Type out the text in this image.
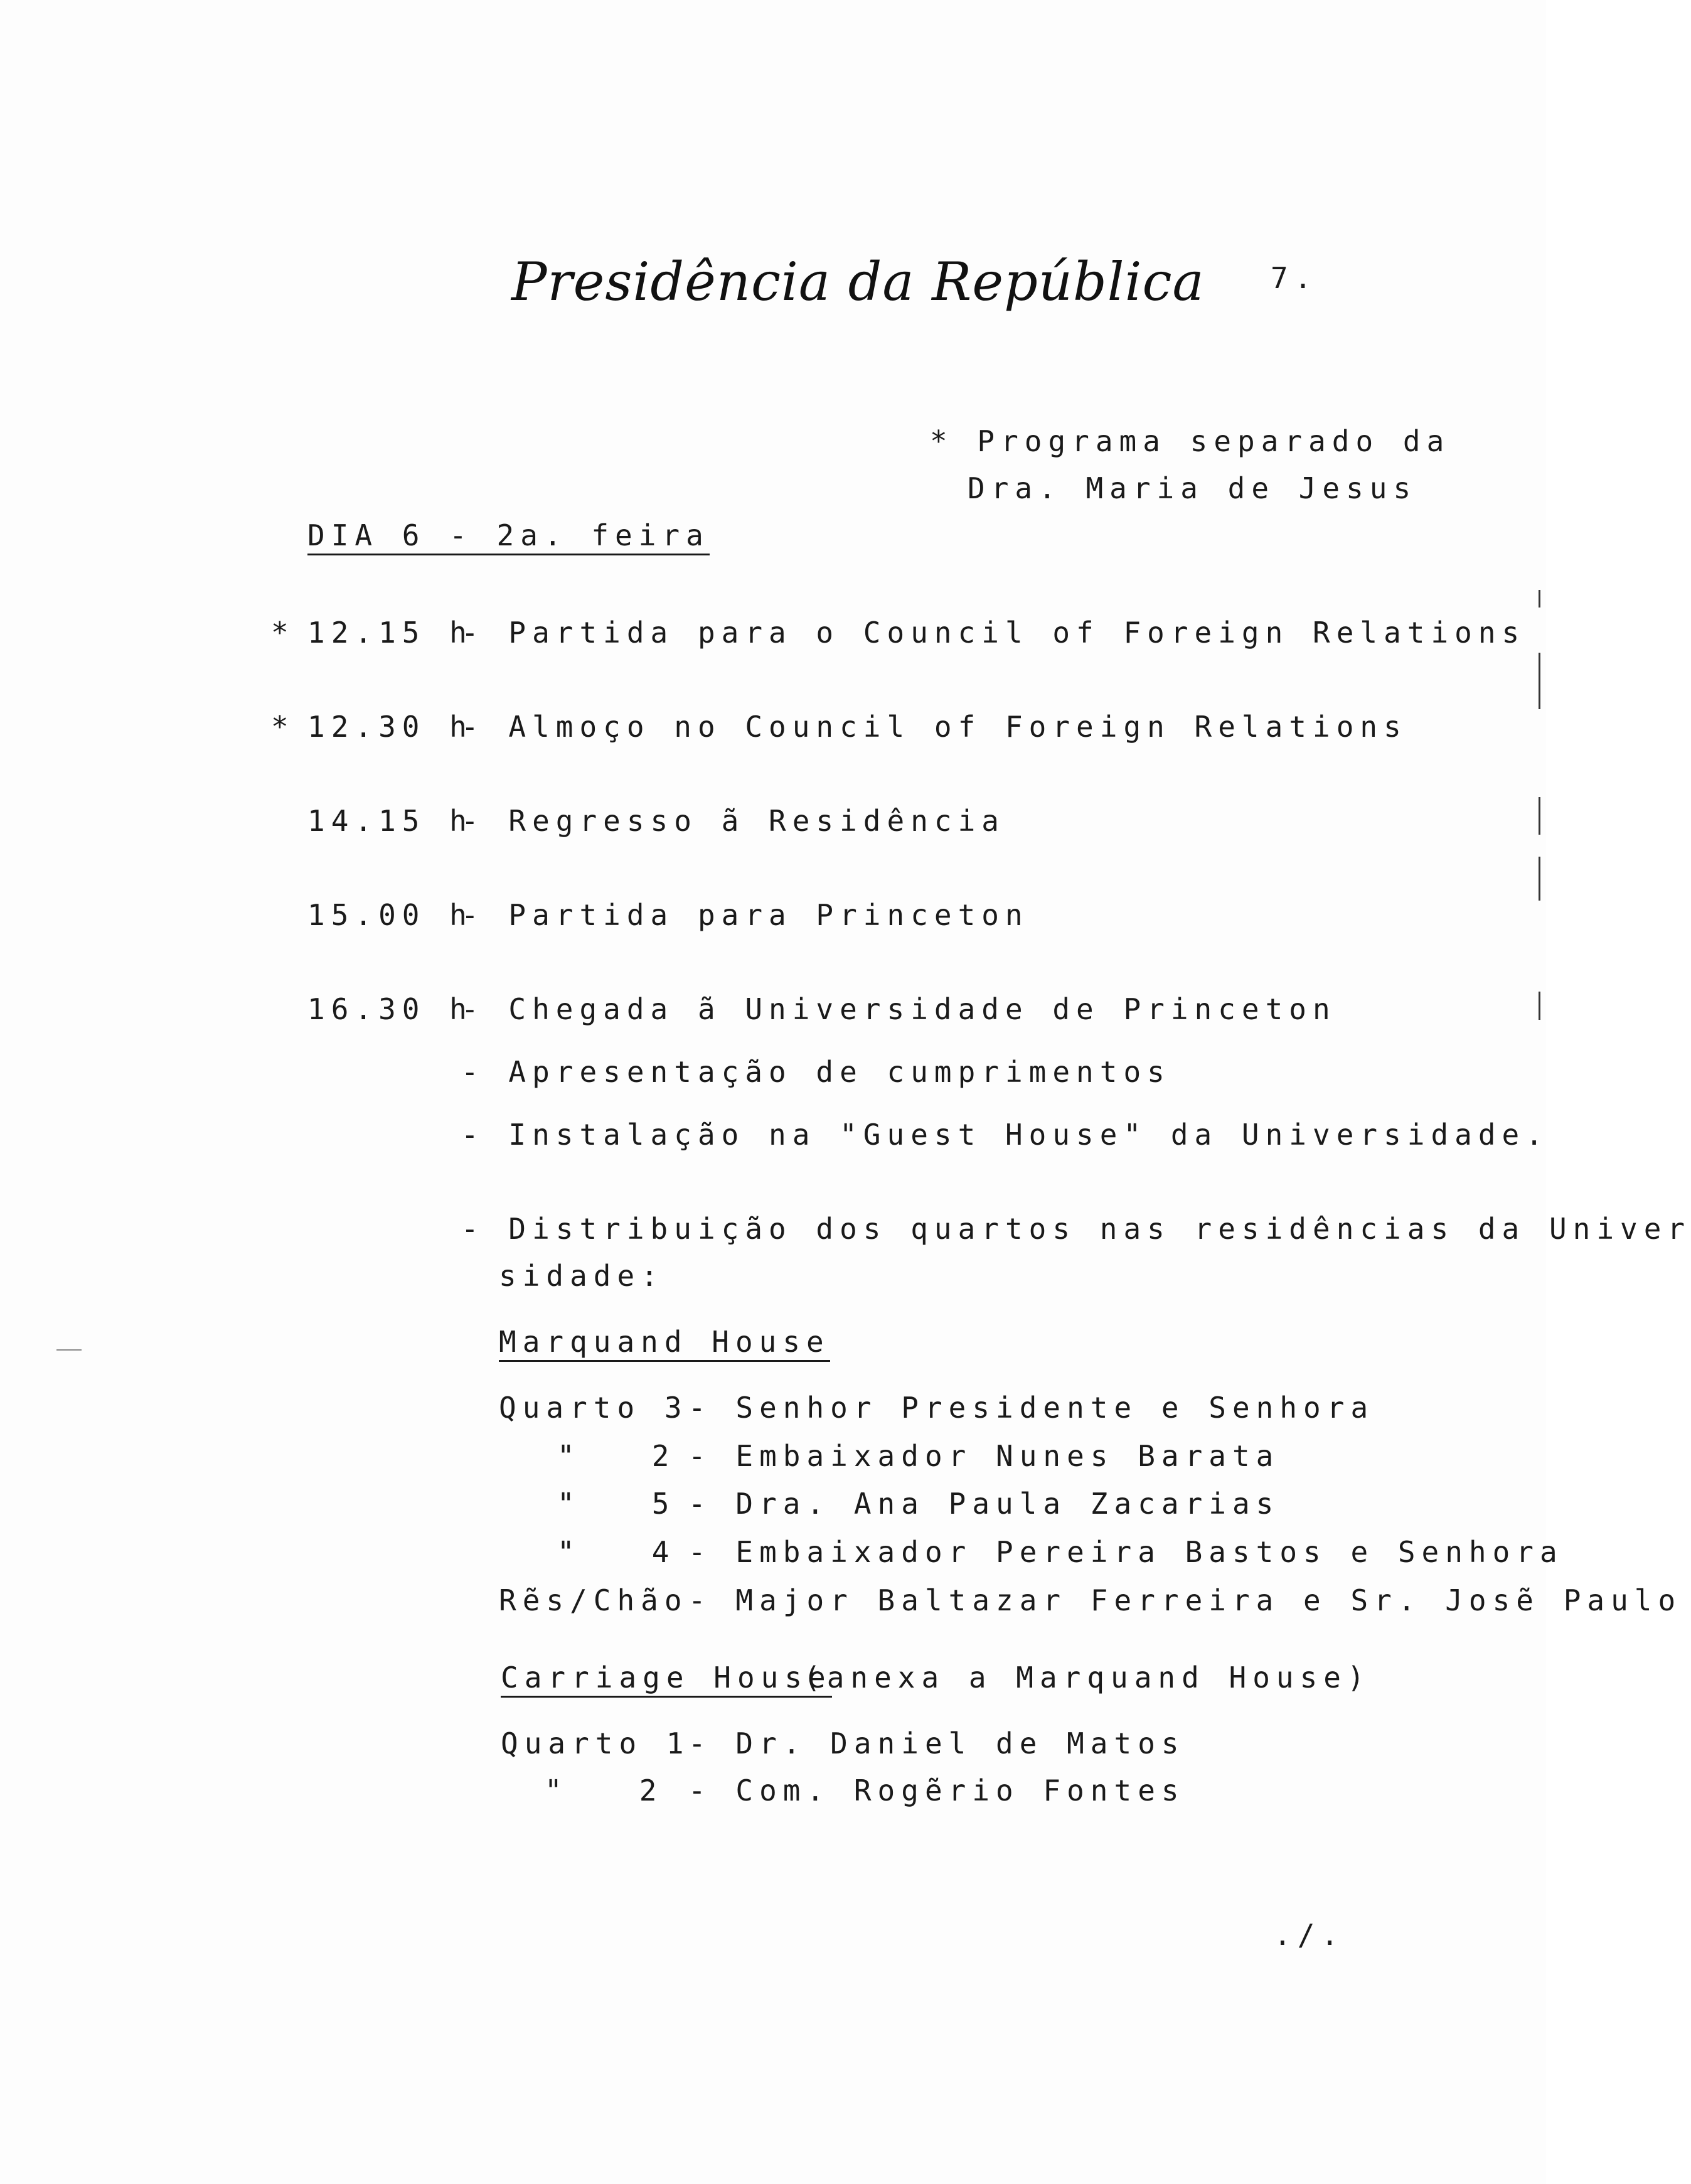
Presidência da República 7.
* Programa separado da
Dra. Maria de Jesus
DIA 6 - 2a. feira
* 12.15 h
- Partida para o Council of Foreign Relations
* 12.30 h
- Almoço no Council of Foreign Relations
14.15 h
- Regresso ã Residência
15.00 h
- Partida para Princeton
16.30 h
- Chegada ã Universidade de Princeton
- Apresentação de cumprimentos
- Instalação na "Guest House" da Universidade.
- Distribuição dos quartos nas residências da Univer
sidade:
Marquand House
Quarto 3 - Senhor Presidente e Senhora
"   2 - Embaixador Nunes Barata
"   5 - Dra. Ana Paula Zacarias
"   4 - Embaixador Pereira Bastos e Senhora
Rẽs/Chão - Major Baltazar Ferreira e Sr. Josẽ Paulo
Carriage House
(anexa a Marquand House)
Quarto 1
- Dr. Daniel de Matos
"   2 - Com. Rogẽrio Fontes
./.
